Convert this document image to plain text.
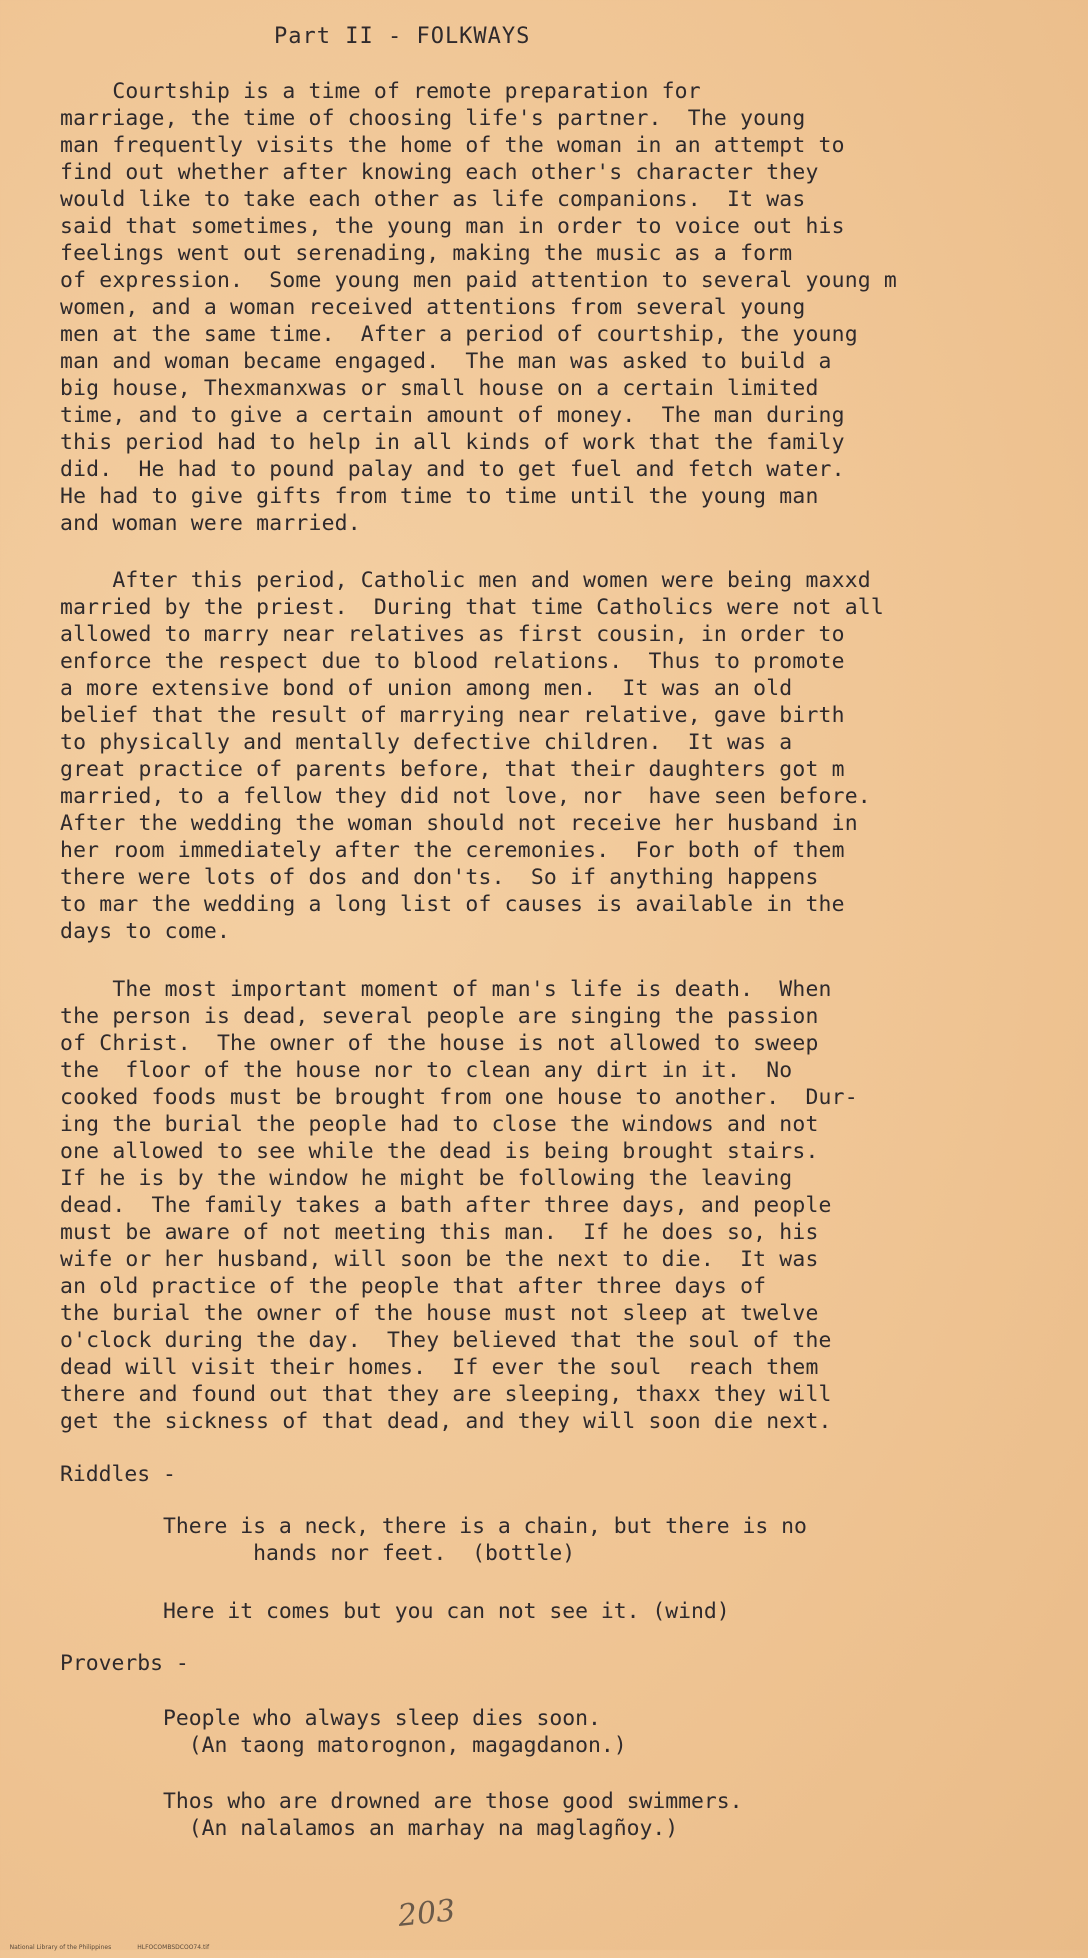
Part II - FOLKWAYS
Courtship is a time of remote preparation for
marriage, the time of choosing life's partner.  The young
man frequently visits the home of the woman in an attempt to
find out whether after knowing each other's character they
would like to take each other as life companions.  It was
said that sometimes, the young man in order to voice out his
feelings went out serenading, making the music as a form
of expression.  Some young men paid attention to several young m
women, and a woman received attentions from several young
men at the same time.  After a period of courtship, the young
man and woman became engaged.  The man was asked to build a
big house, Thexmanxwas or small house on a certain limited
time, and to give a certain amount of money.  The man during
this period had to help in all kinds of work that the family
did.  He had to pound palay and to get fuel and fetch water.
He had to give gifts from time to time until the young man
and woman were married.
After this period, Catholic men and women were being maxxd
married by the priest.  During that time Catholics were not all
allowed to marry near relatives as first cousin, in order to
enforce the respect due to blood relations.  Thus to promote
a more extensive bond of union among men.  It was an old
belief that the result of marrying near relative, gave birth
to physically and mentally defective children.  It was a
great practice of parents before, that their daughters got m
married, to a fellow they did not love, nor  have seen before.
After the wedding the woman should not receive her husband in
her room immediately after the ceremonies.  For both of them
there were lots of dos and don'ts.  So if anything happens
to mar the wedding a long list of causes is available in the
days to come.
The most important moment of man's life is death.  When
the person is dead, several people are singing the passion
of Christ.  The owner of the house is not allowed to sweep
the  floor of the house nor to clean any dirt in it.  No
cooked foods must be brought from one house to another.  Dur-
ing the burial the people had to close the windows and not
one allowed to see while the dead is being brought stairs.
If he is by the window he might be following the leaving
dead.  The family takes a bath after three days, and people
must be aware of not meeting this man.  If he does so, his
wife or her husband, will soon be the next to die.  It was
an old practice of the people that after three days of
the burial the owner of the house must not sleep at twelve
o'clock during the day.  They believed that the soul of the
dead will visit their homes.  If ever the soul  reach them
there and found out that they are sleeping, thaxx they will
get the sickness of that dead, and they will soon die next.
Riddles -
There is a neck, there is a chain, but there is no
hands nor feet.  (bottle)
Here it comes but you can not see it. (wind)
Proverbs -
People who always sleep dies soon.
(An taong matorognon, magagdanon.)
Thos who are drowned are those good swimmers.
(An nalalamos an marhay na maglagñoy.)
203

National Library of the Philippines	HLFOCOMBSDCOO74.tif
